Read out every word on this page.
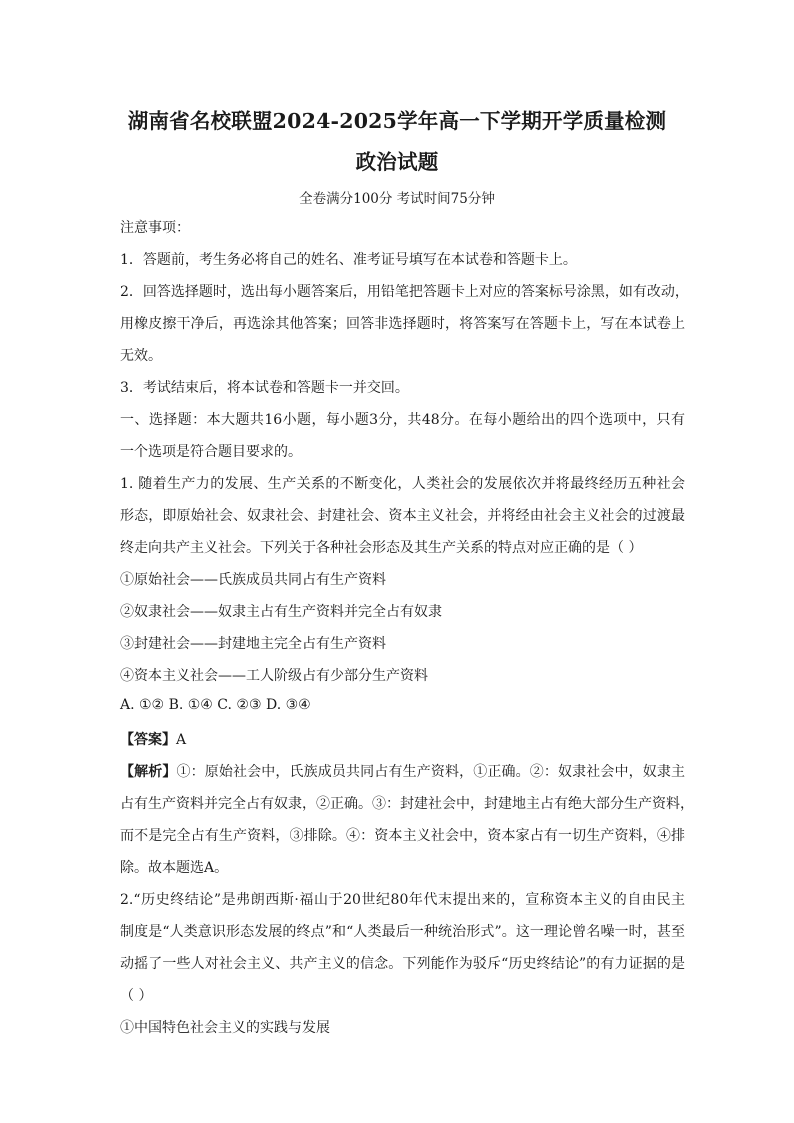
湖南省名校联盟2024-2025学年高一下学期开学质量检测
政治试题
全卷满分100分 考试时间75分钟
注意事项：
1．答题前，考生务必将自己的姓名、准考证号填写在本试卷和答题卡上。
2．回答选择题时，选出每小题答案后，用铅笔把答题卡上对应的答案标号涂黑，如有改动，
用橡皮擦干净后，再选涂其他答案；回答非选择题时，将答案写在答题卡上，写在本试卷上
无效。
3．考试结束后，将本试卷和答题卡一并交回。
一、选择题：本大题共16小题，每小题3分，共48分。在每小题给出的四个选项中，只有
一个选项是符合题目要求的。
1. 随着生产力的发展、生产关系的不断变化，人类社会的发展依次并将最终经历五种社会
形态，即原始社会、奴隶社会、封建社会、资本主义社会，并将经由社会主义社会的过渡最
终走向共产主义社会。下列关于各种社会形态及其生产关系的特点对应正确的是（ ）
①原始社会——氏族成员共同占有生产资料
②奴隶社会——奴隶主占有生产资料并完全占有奴隶
③封建社会——封建地主完全占有生产资料
④资本主义社会——工人阶级占有少部分生产资料
A. ①② B. ①④ C. ②③ D. ③④
【答案】A
【解析】①：原始社会中，氏族成员共同占有生产资料，①正确。②：奴隶社会中，奴隶主
占有生产资料并完全占有奴隶，②正确。③：封建社会中，封建地主占有绝大部分生产资料，
而不是完全占有生产资料，③排除。④：资本主义社会中，资本家占有一切生产资料，④排
除。故本题选A。
2.“历史终结论”是弗朗西斯·福山于20世纪80年代末提出来的，宣称资本主义的自由民主
制度是“人类意识形态发展的终点”和“人类最后一种统治形式”。这一理论曾名噪一时，甚至
动摇了一些人对社会主义、共产主义的信念。下列能作为驳斥“历史终结论”的有力证据的是
（ ）
①中国特色社会主义的实践与发展
